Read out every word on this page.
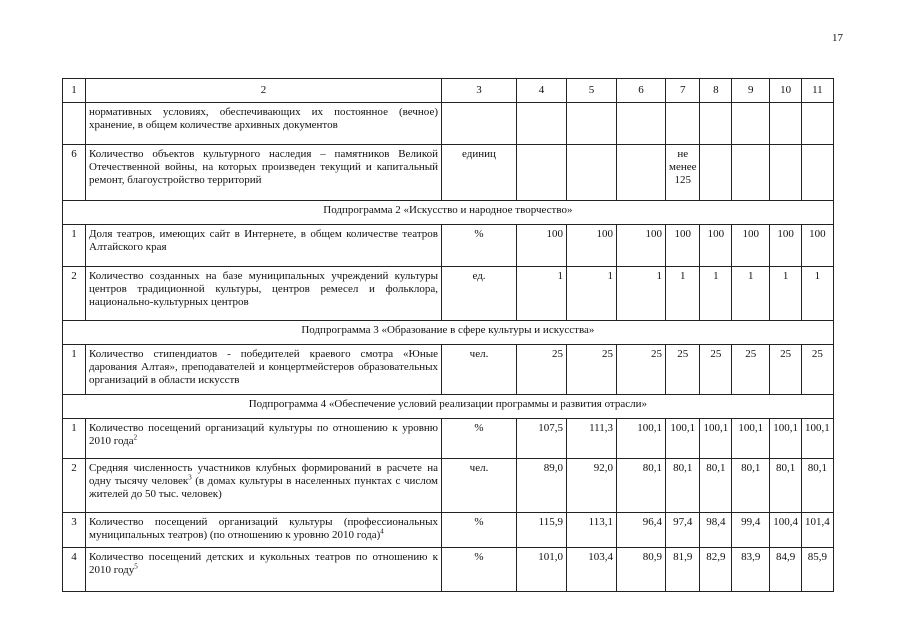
17
1	2	3	4	5	6	7	8	9	10	11
	нормативных условиях, обеспечивающих их постоянное (вечное) хранение, в общем количестве архивных документов									
6	Количество объектов культурного наследия – памятников Великой Отечественной войны, на которых произведен текущий и капитальный ремонт, благоустройство территорий	единиц				не менее 125				
Подпрограмма 2 «Искусство и народное творчество»										
1	Доля театров, имеющих сайт в Интернете, в общем количестве театров Алтайского края	%	100	100	100	100	100	100	100	100
2	Количество созданных на базе муниципальных учреждений культуры центров традиционной культуры, центров ремесел и фольклора, национально-культурных центров	ед.	1	1	1	1	1	1	1	1
Подпрограмма 3 «Образование в сфере культуры и искусства»										
1	Количество стипендиатов - победителей краевого смотра «Юные дарования Алтая», преподавателей и концертмейстеров образовательных организаций в области искусств	чел.	25	25	25	25	25	25	25	25
Подпрограмма 4 «Обеспечение условий реализации программы и развития отрасли»										
1	Количество посещений организаций культуры по отношению к уровню 2010 года$^2$	%	107,5	111,3	100,1	100,1	100,1	100,1	100,1	100,1
2	Средняя численность участников клубных формирований в расчете на одну тысячу человек$^3$ (в домах культуры в населенных пунктах с числом жителей до 50 тыс. человек)	чел.	89,0	92,0	80,1	80,1	80,1	80,1	80,1	80,1
3	Количество посещений организаций культуры (профессиональных муниципальных театров) (по отношению к уровню 2010 года)$^4$	%	115,9	113,1	96,4	97,4	98,4	99,4	100,4	101,4
4	Количество посещений детских и кукольных театров по отношению к 2010 году$^5$	%	101,0	103,4	80,9	81,9	82,9	83,9	84,9	85,9
